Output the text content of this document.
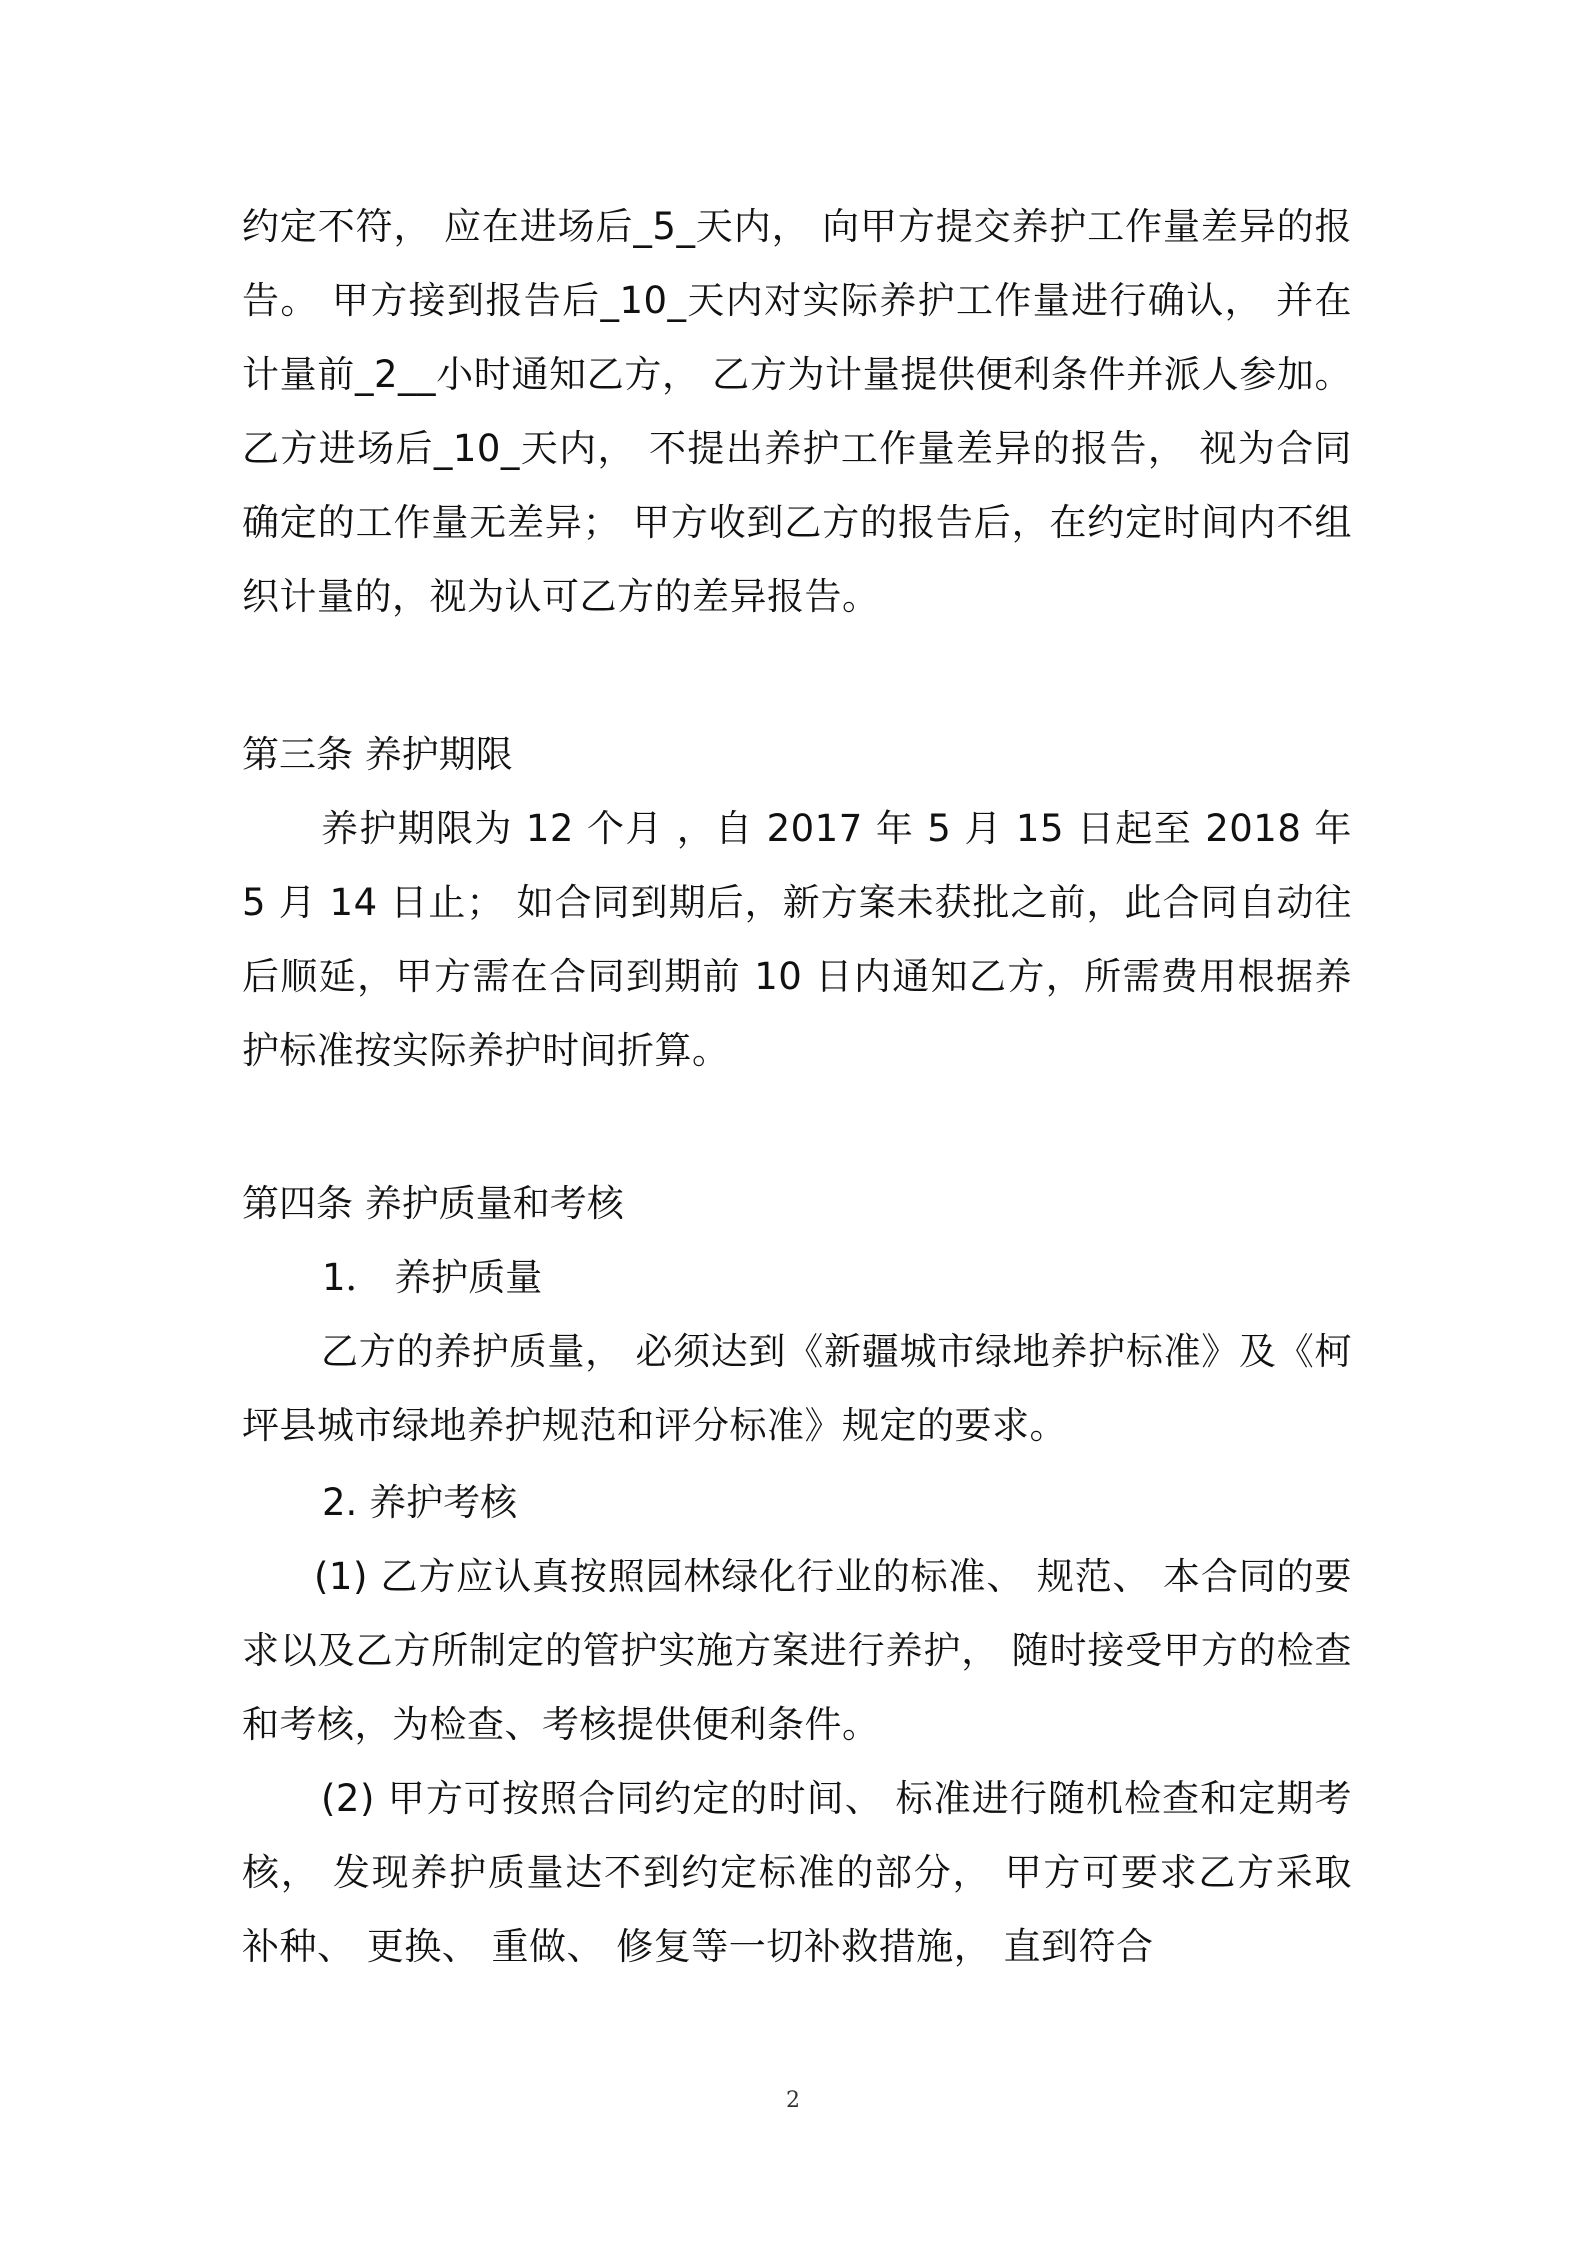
约定不符， 应在进场后_5_天内， 向甲方提交养护工作量差异的报告。 甲方接到报告后_10_天内对实际养护工作量进行确认， 并在计量前_2__小时通知乙方， 乙方为计量提供便利条件并派人参加。 乙方进场后_10_天内， 不提出养护工作量差异的报告， 视为合同确定的工作量无差异； 甲方收到乙方的报告后，在约定时间内不组织计量的，视为认可乙方的差异报告。

第三条 养护期限

养护期限为 12 个月 ，自 2017 年 5 月 15 日起至 2018 年 5 月 14 日止； 如合同到期后，新方案未获批之前，此合同自动往后顺延，甲方需在合同到期前 10 日内通知乙方，所需费用根据养护标准按实际养护时间折算。

第四条 养护质量和考核

1． 养护质量

乙方的养护质量， 必须达到《新疆城市绿地养护标准》及《柯坪县城市绿地养护规范和评分标准》规定的要求。

2. 养护考核

(1) 乙方应认真按照园林绿化行业的标准、 规范、 本合同的要求以及乙方所制定的管护实施方案进行养护， 随时接受甲方的检查和考核，为检查、考核提供便利条件。

(2) 甲方可按照合同约定的时间、 标准进行随机检查和定期考核， 发现养护质量达不到约定标准的部分， 甲方可要求乙方采取补种、 更换、 重做、 修复等一切补救措施， 直到符合

2
